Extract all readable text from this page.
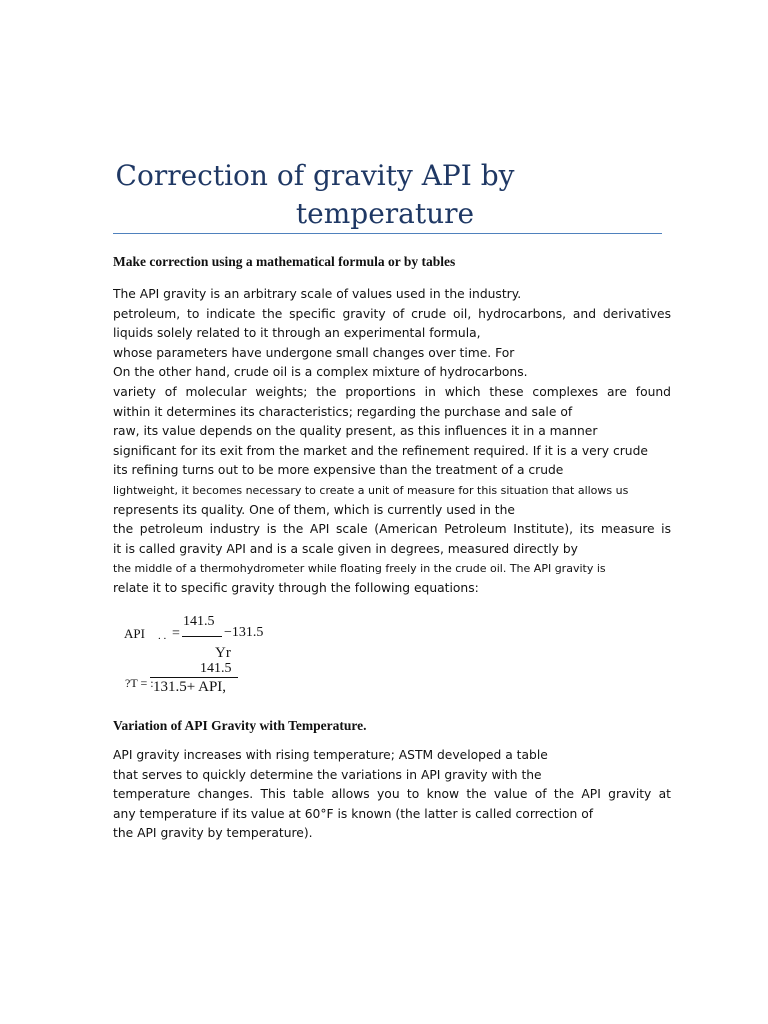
Correction of gravity API by
temperature
Make correction using a mathematical formula or by tables
The API gravity is an arbitrary scale of values used in the industry.
petroleum, to indicate the specific gravity of crude oil, hydrocarbons, and derivatives
liquids solely related to it through an experimental formula,
whose parameters have undergone small changes over time. For
On the other hand, crude oil is a complex mixture of hydrocarbons.
variety of molecular weights; the proportions in which these complexes are found
within it determines its characteristics; regarding the purchase and sale of
raw, its value depends on the quality present, as this influences it in a manner
significant for its exit from the market and the refinement required. If it is a very crude
its refining turns out to be more expensive than the treatment of a crude
lightweight, it becomes necessary to create a unit of measure for this situation that allows us
represents its quality. One of them, which is currently used in the
the petroleum industry is the API scale (American Petroleum Institute), its measure is
it is called gravity API and is a scale given in degrees, measured directly by
the middle of a thermohydrometer while floating freely in the crude oil. The API gravity is
relate it to specific gravity through the following equations:
API . . =
141.5
−131.5
Yr
?T = :
141.5
131.5+ API,
Variation of API Gravity with Temperature.
API gravity increases with rising temperature; ASTM developed a table
that serves to quickly determine the variations in API gravity with the
temperature changes. This table allows you to know the value of the API gravity at
any temperature if its value at 60°F is known (the latter is called correction of
the API gravity by temperature).
